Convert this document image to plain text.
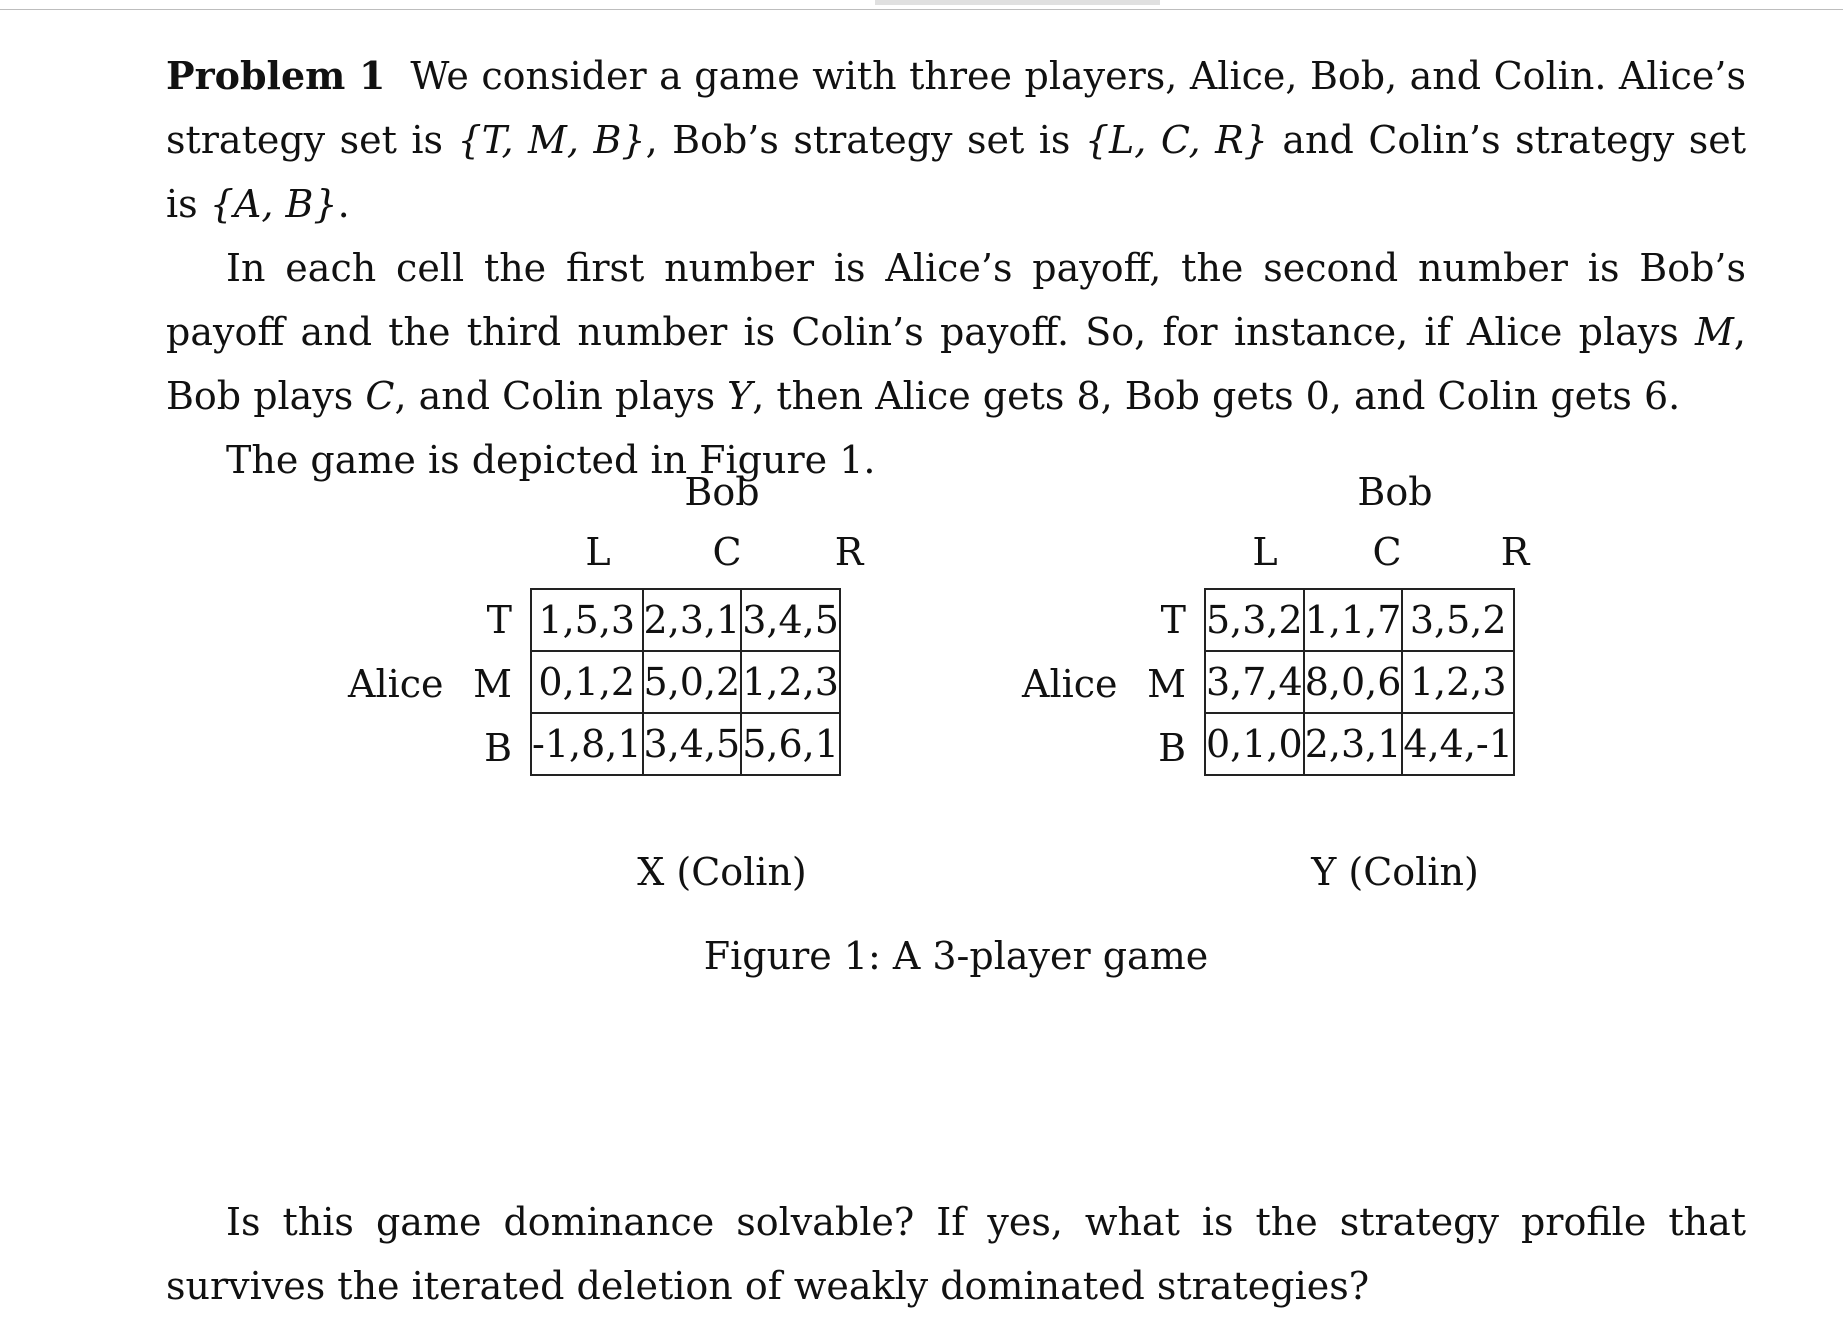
Problem 1 We consider a game with three players, Alice, Bob, and Colin. Alice’s strategy set is {T, M, B}, Bob’s strategy set is {L, C, R} and Colin’s strategy set is {A, B}.

In each cell the first number is Alice’s payoff, the second number is Bob’s payoff and the third number is Colin’s payoff. So, for instance, if Alice plays M, Bob plays C, and Colin plays Y, then Alice gets 8, Bob gets 0, and Colin gets 6.

The game is depicted in Figure 1.

Bob
L	C	R
Alice
T
M
B
1,5,3	2,3,1	3,4,5
0,1,2	5,0,2	1,2,3
-1,8,1	3,4,5	5,6,1
X (Colin)
Bob
L	C	R
Alice
T
M
B
5,3,2	1,1,7	3,5,2
3,7,4	8,0,6	1,2,3
0,1,0	2,3,1	4,4,-1
Y (Colin)
Figure 1: A 3-player game

Is this game dominance solvable? If yes, what is the strategy profile that survives the iterated deletion of weakly dominated strategies?
